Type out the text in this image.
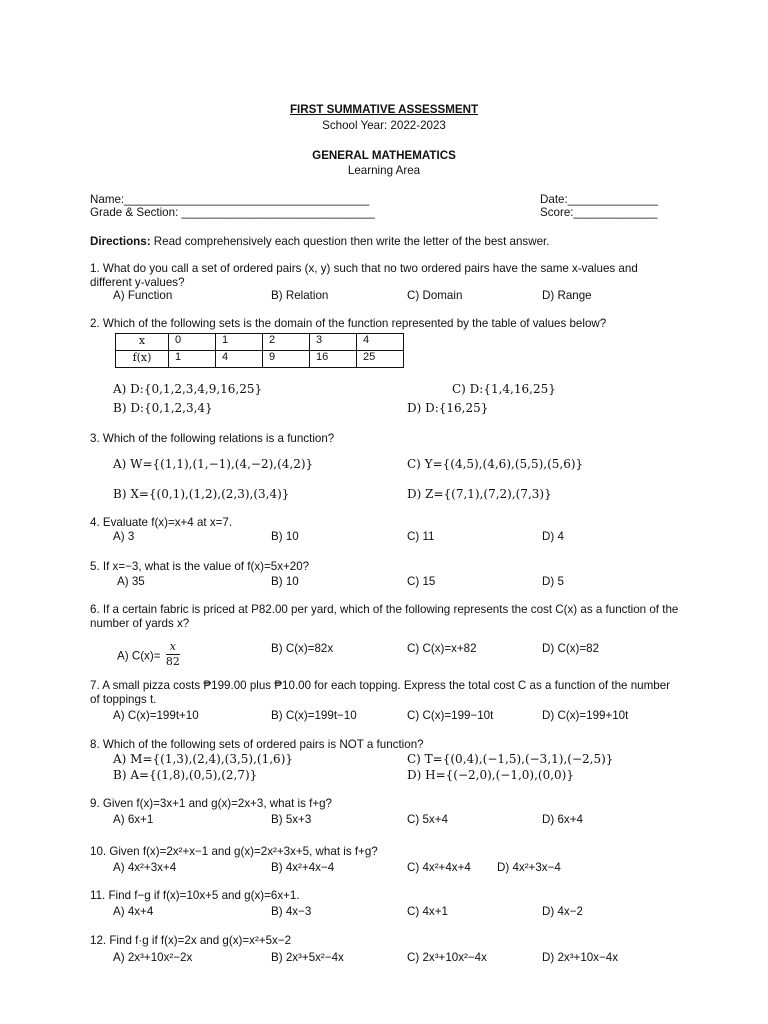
FIRST SUMMATIVE ASSESSMENT
School Year: 2022-2023
GENERAL MATHEMATICS
Learning Area
Name:______________________________________
Grade & Section: ______________________________
Date:______________
Score:_____________
Directions: Read comprehensively each question then write the letter of the best answer.
1. What do you call a set of ordered pairs (x, y) such that no two ordered pairs have the same x-values and different y-values?
A) Function	B) Relation	C) Domain	D) Range
2. Which of the following sets is the domain of the function represented by the table of values below?
x	0	1	2	3	4
f(x)	1	4	9	16	25
A) D:{0,1,2,3,4,9,16,25}	C) D:{1,4,16,25}
B) D:{0,1,2,3,4}	D) D:{16,25}
3. Which of the following relations is a function?
A) W={(1,1),(1,−1),(4,−2),(4,2)}	C) Y={(4,5),(4,6),(5,5),(5,6)}
B) X={(0,1),(1,2),(2,3),(3,4)}	D) Z={(7,1),(7,2),(7,3)}
4. Evaluate f(x)=x+4 at x=7.
A) 3	B) 10	C) 11	D) 4
5. If x=−3, what is the value of f(x)=5x+20?
A) 35	B) 10	C) 15	D) 5
6. If a certain fabric is priced at P82.00 per yard, which of the following represents the cost C(x) as a function of the number of yards x?
A) $C(x)= \frac{x}{82}$	B) C(x)=82x	C) C(x)=x+82	D) C(x)=82
7. A small pizza costs ₱199.00 plus ₱10.00 for each topping. Express the total cost C as a function of the number of toppings t.
A) C(x)=199t+10	B) C(x)=199t−10	C) C(x)=199−10t	D) C(x)=199+10t
8. Which of the following sets of ordered pairs is NOT a function?
A) M={(1,3),(2,4),(3,5),(1,6)}	C) T={(0,4),(−1,5),(−3,1),(−2,5)}
B) A={(1,8),(0,5),(2,7)}	D) H={(−2,0),(−1,0),(0,0)}
9. Given f(x)=3x+1 and g(x)=2x+3, what is f+g?
A) 6x+1	B) 5x+3	C) 5x+4	D) 6x+4
10. Given f(x)=2x²+x−1 and g(x)=2x²+3x+5, what is f+g?
A) 4x²+3x+4	B) 4x²+4x−4	C) 4x²+4x+4 D) 4x²+3x−4
11. Find f−g if f(x)=10x+5 and g(x)=6x+1.
A) 4x+4	B) 4x−3	C) 4x+1	D) 4x−2
12. Find f·g if f(x)=2x and g(x)=x²+5x−2
A) 2x³+10x²−2x	B) 2x³+5x²−4x	C) 2x³+10x²−4x	D) 2x³+10x−4x
